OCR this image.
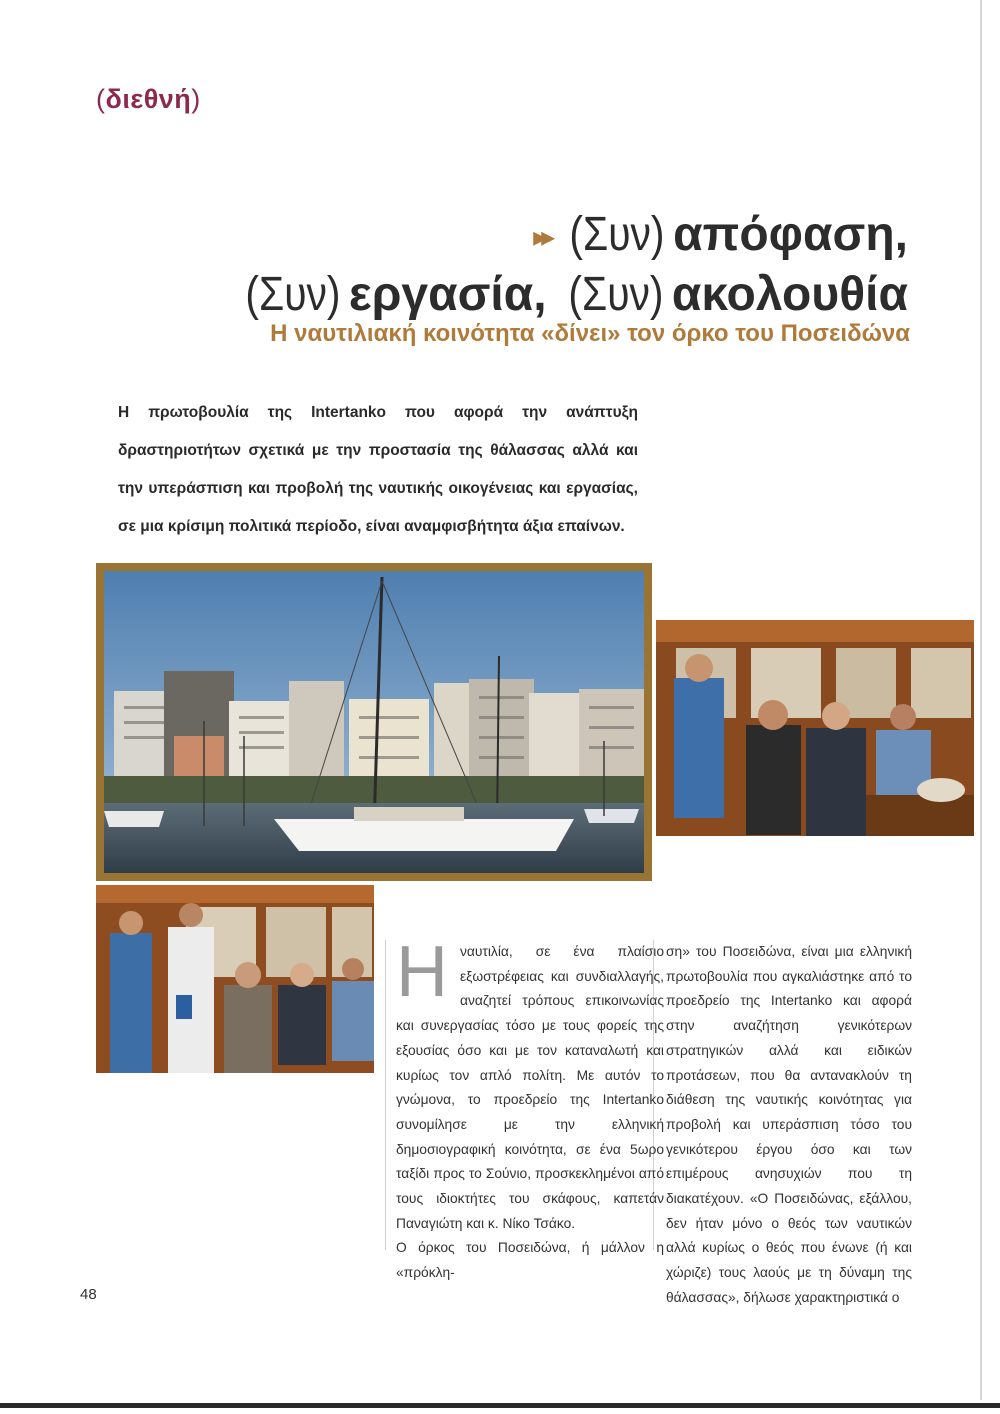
(διεθνή)
▸▸ (Συν) απόφαση,
(Συν) εργασία, (Συν) ακολουθία
Η ναυτιλιακή κοινότητα «δίνει» τον όρκο του Ποσειδώνα
Η πρωτοβουλία της Intertanko που αφορά την ανάπτυξη δραστηριοτήτων σχετικά με την προστασία της θάλασσας αλλά και την υπεράσπιση και προβολή της ναυτικής οικογένειας και εργασίας, σε μια κρίσιμη πολιτικά περίοδο, είναι αναμφισβήτητα άξια επαίνων.
Η ναυτιλία, σε ένα πλαίσιο εξωστρέφειας και συνδιαλλαγής, αναζητεί τρόπους επικοινωνίας και συνεργασίας τόσο με τους φορείς της εξουσίας όσο και με τον καταναλωτή και κυρίως τον απλό πολίτη. Με αυτόν το γνώμονα, το προεδρείο της Intertanko συνομίλησε με την ελληνική δημοσιογραφική κοινότητα, σε ένα 5ωρο ταξίδι προς το Σούνιο, προσκεκλημένοι από τους ιδιοκτήτες του σκάφους, καπετάν Παναγιώτη και κ. Νίκο Τσάκο.
Ο όρκος του Ποσειδώνα, ή μάλλον η «πρόκλη-
ση» του Ποσειδώνα, είναι μια ελληνική πρωτοβουλία που αγκαλιάστηκε από το προεδρείο της Intertanko και αφορά στην αναζήτηση γενικότερων στρατηγικών αλλά και ειδικών προτάσεων, που θα αντανακλούν τη διάθεση της ναυτικής κοινότητας για προβολή και υπεράσπιση τόσο του γενικότερου έργου όσο και των επιμέρους ανησυχιών που τη διακατέχουν. «Ο Ποσειδώνας, εξάλλου, δεν ήταν μόνο ο θεός των ναυτικών αλλά κυρίως ο θεός που ένωνε (ή και χώριζε) τους λαούς με τη δύναμη της θάλασσας», δήλωσε χαρακτηριστικά ο
48
